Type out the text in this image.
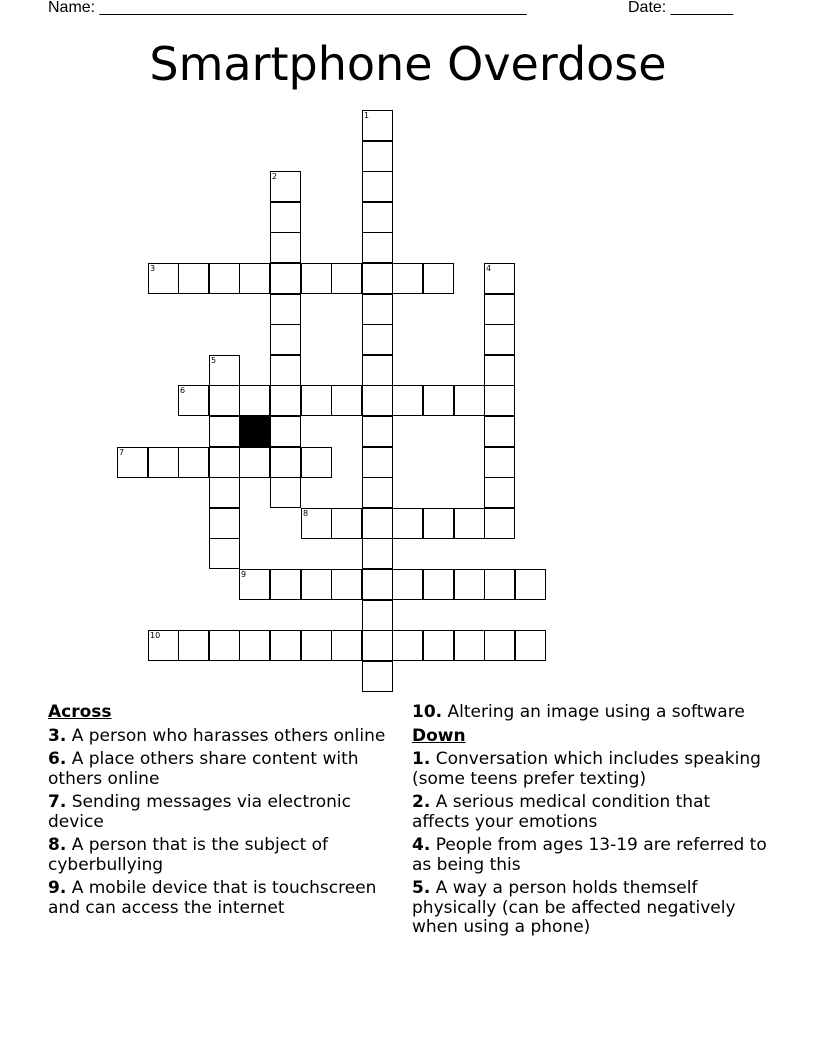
Name: ________________________________________________	Date: _______
Smartphone Overdose
1
2
3	4
5
6
7
8
9
10
Across
3. A person who harasses others online
6. A place others share content with others online
7. Sending messages via electronic device
8. A person that is the subject of cyberbullying
9. A mobile device that is touchscreen and can access the internet
10. Altering an image using a software
Down
1. Conversation which includes speaking (some teens prefer texting)
2. A serious medical condition that affects your emotions
4. People from ages 13-19 are referred to as being this
5. A way a person holds themself physically (can be affected negatively when using a phone)
